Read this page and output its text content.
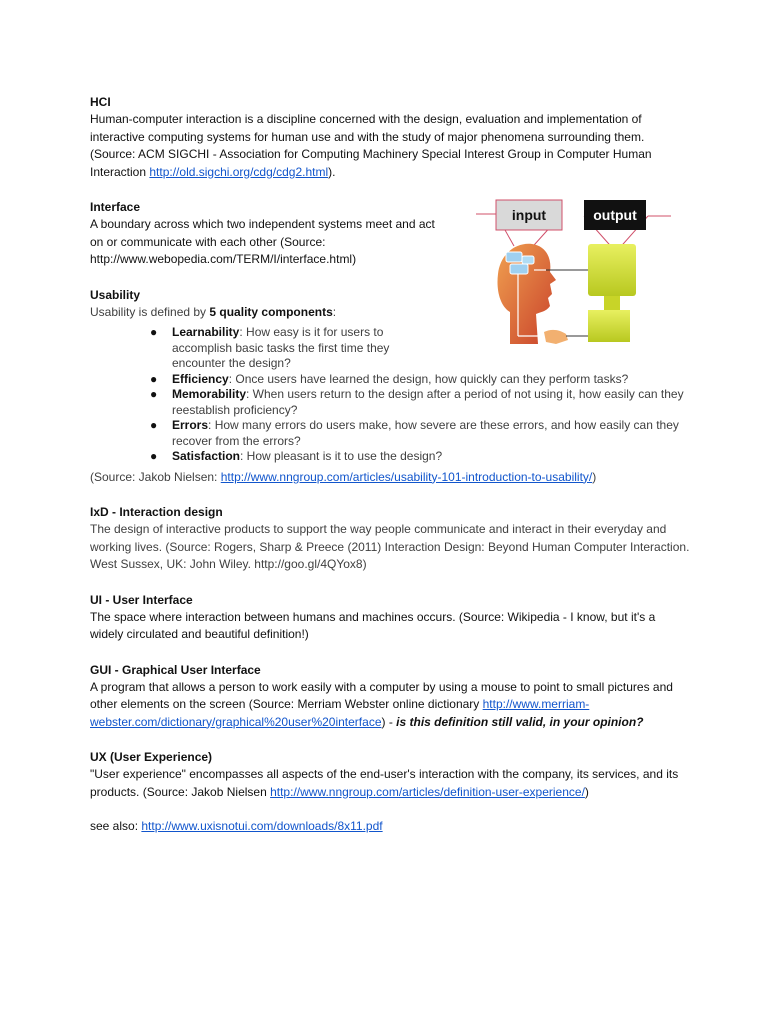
HCI

Human-computer interaction is a discipline concerned with the design, evaluation and implementation of interactive computing systems for human use and with the study of major phenomena surrounding them. (Source: ACM SIGCHI - Association for Computing Machinery Special Interest Group in Computer Human Interaction http://old.sigchi.org/cdg/cdg2.html).

Interface

A boundary across which two independent systems meet and act on or communicate with each other (Source: http://www.webopedia.com/TERM/I/interface.html)

Usability

Usability is defined by 5 quality components:

● Learnability: How easy is it for users to accomplish basic tasks the first time they encounter the design?
● Efficiency: Once users have learned the design, how quickly can they perform tasks?
● Memorability: When users return to the design after a period of not using it, how easily can they reestablish proficiency?
● Errors: How many errors do users make, how severe are these errors, and how easily can they recover from the errors?
● Satisfaction: How pleasant is it to use the design?

(Source: Jakob Nielsen: http://www.nngroup.com/articles/usability-101-introduction-to-usability/)

IxD - Interaction design

The design of interactive products to support the way people communicate and interact in their everyday and working lives. (Source: Rogers, Sharp & Preece (2011) Interaction Design: Beyond Human Computer Interaction. West Sussex, UK: John Wiley. http://goo.gl/4QYox8)

UI - User Interface

The space where interaction between humans and machines occurs. (Source: Wikipedia - I know, but it's a widely circulated and beautiful definition!)

GUI - Graphical User Interface

A program that allows a person to work easily with a computer by using a mouse to point to small pictures and other elements on the screen (Source: Merriam Webster online dictionary http://www.merriam-webster.com/dictionary/graphical%20user%20interface) - is this definition still valid, in your opinion?

UX (User Experience)

"User experience" encompasses all aspects of the end-user's interaction with the company, its services, and its products. (Source: Jakob Nielsen http://www.nngroup.com/articles/definition-user-experience/)

see also: http://www.uxisnotui.com/downloads/8x11.pdf

input	output
